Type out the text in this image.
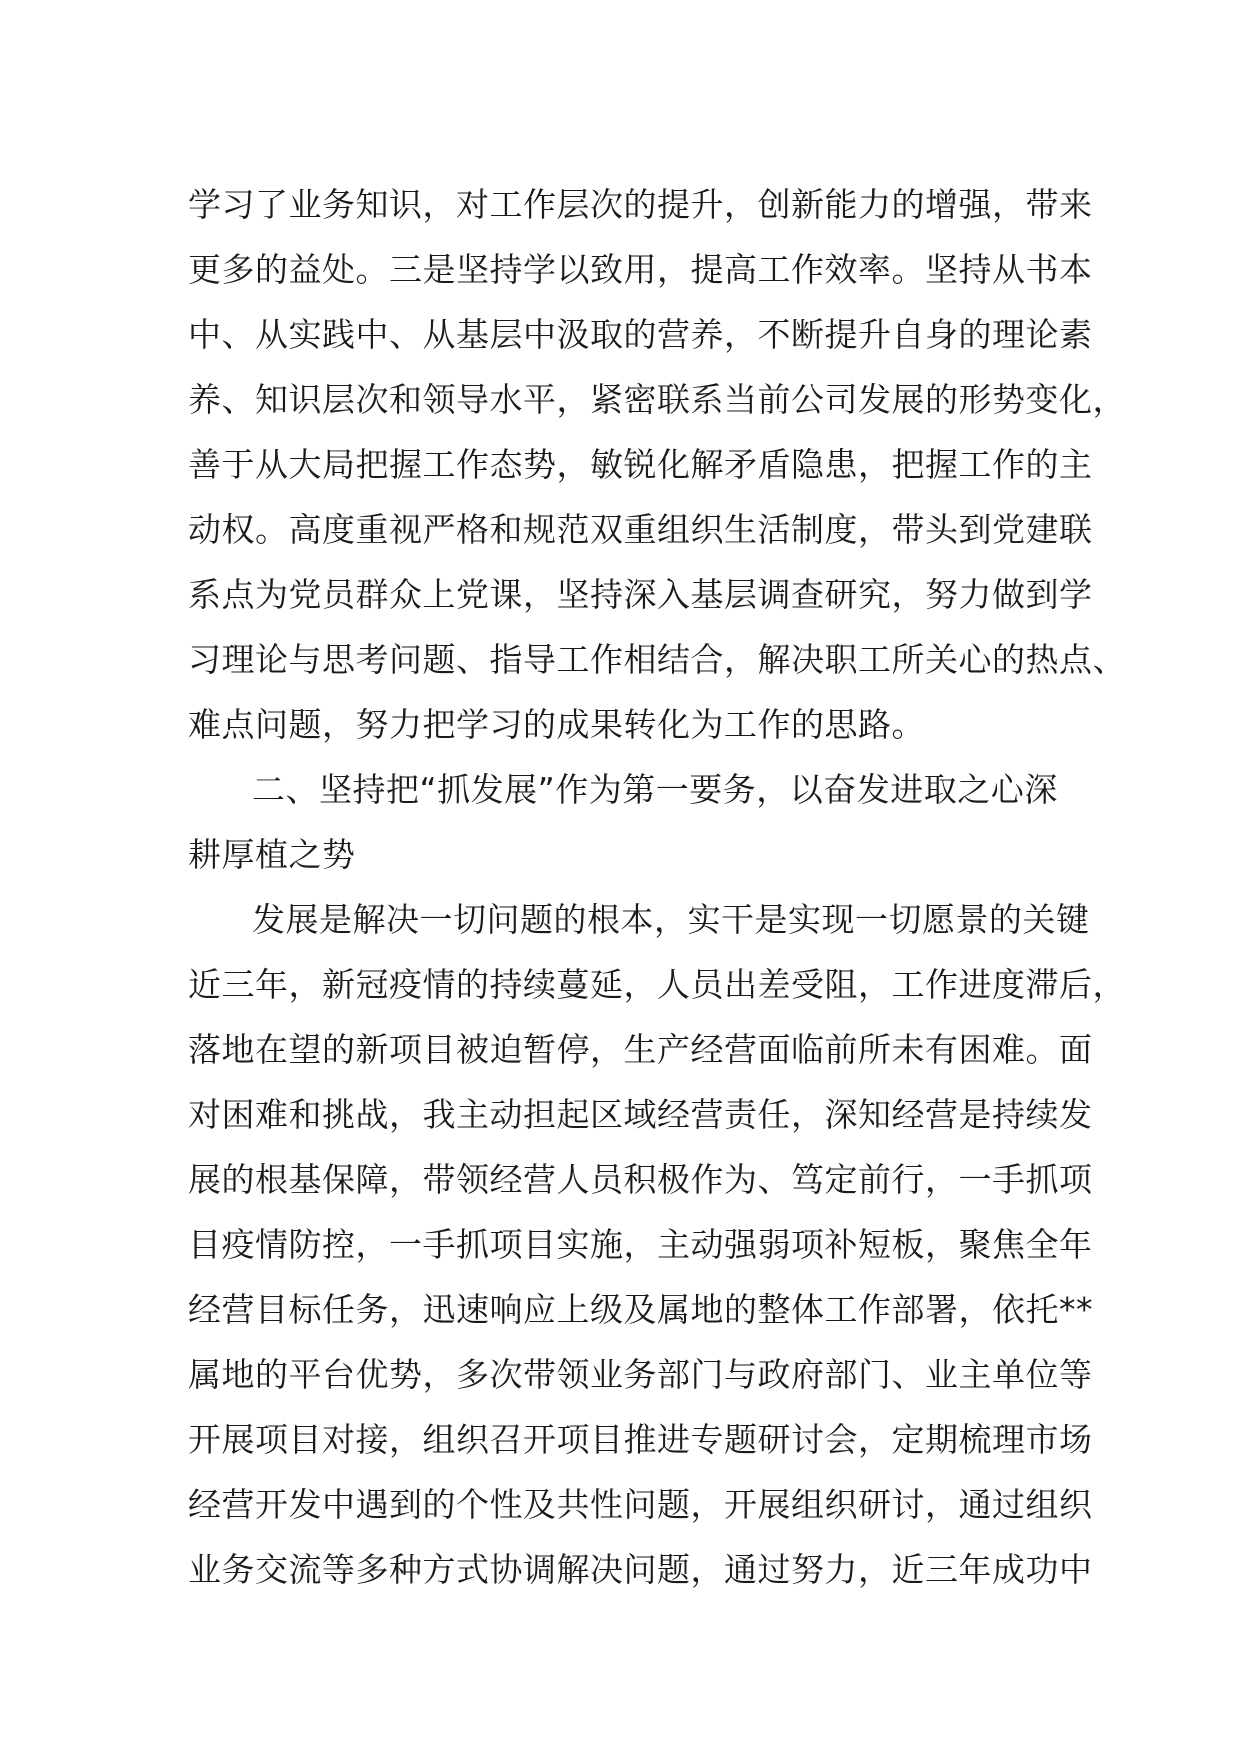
学习了业务知识，对工作层次的提升，创新能力的增强，带来
更多的益处。三是坚持学以致用，提高工作效率。坚持从书本
中、从实践中、从基层中汲取的营养，不断提升自身的理论素
养、知识层次和领导水平，紧密联系当前公司发展的形势变化，
善于从大局把握工作态势，敏锐化解矛盾隐患，把握工作的主
动权。高度重视严格和规范双重组织生活制度，带头到党建联
系点为党员群众上党课，坚持深入基层调查研究，努力做到学
习理论与思考问题、指导工作相结合，解决职工所关心的热点、
难点问题，努力把学习的成果转化为工作的思路。
二、坚持把“抓发展”作为第一要务，以奋发进取之心深
耕厚植之势
发展是解决一切问题的根本，实干是实现一切愿景的关键
近三年，新冠疫情的持续蔓延，人员出差受阻，工作进度滞后，
落地在望的新项目被迫暂停，生产经营面临前所未有困难。面
对困难和挑战，我主动担起区域经营责任，深知经营是持续发
展的根基保障，带领经营人员积极作为、笃定前行，一手抓项
目疫情防控，一手抓项目实施，主动强弱项补短板，聚焦全年
经营目标任务，迅速响应上级及属地的整体工作部署，依托**
属地的平台优势，多次带领业务部门与政府部门、业主单位等
开展项目对接，组织召开项目推进专题研讨会，定期梳理市场
经营开发中遇到的个性及共性问题，开展组织研讨，通过组织
业务交流等多种方式协调解决问题，通过努力，近三年成功中
